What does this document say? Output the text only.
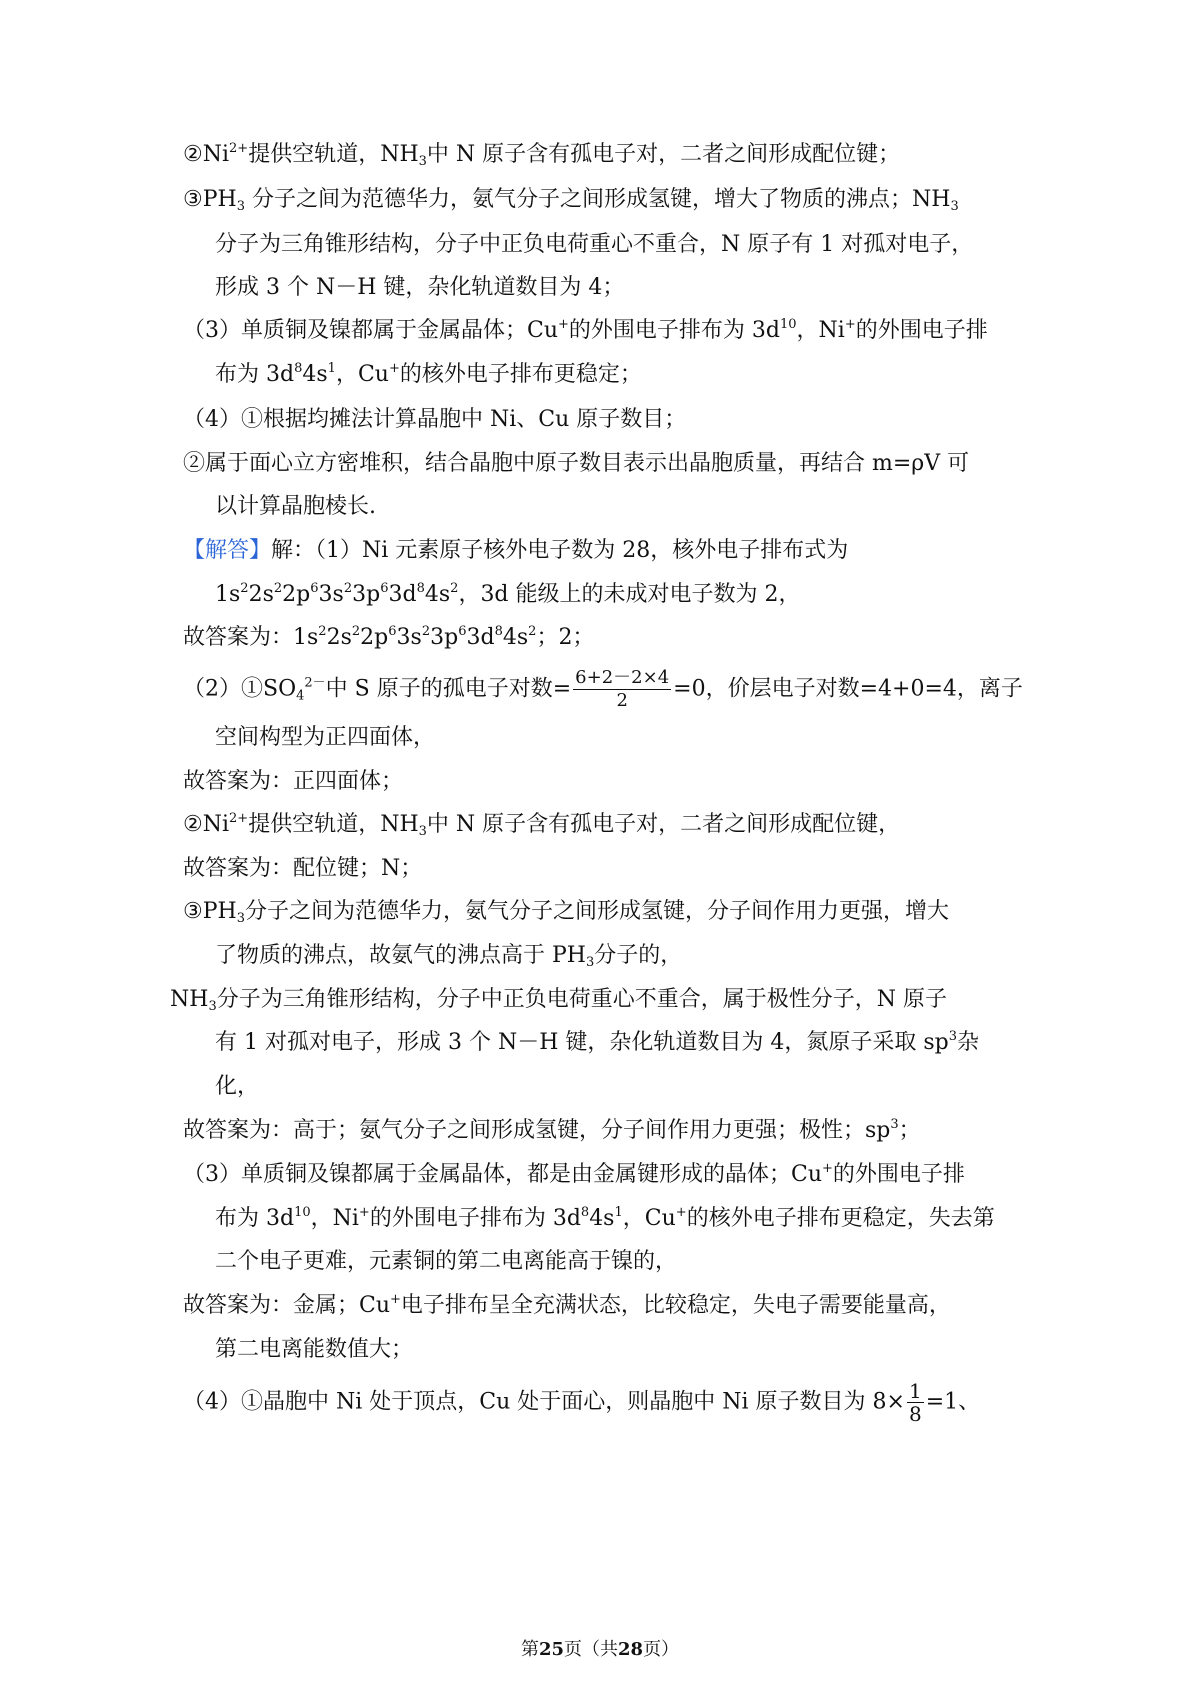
$②Ni^{2+}$提供空轨道，$NH_3$中 N 原子含有孤电子对，二者之间形成配位键；
$③PH_3$ 分子之间为范德华力，氨气分子之间形成氢键，增大了物质的沸点；$NH_3$
分子为三角锥形结构，分子中正负电荷重心不重合，N 原子有 1 对孤对电子，
形成 3 个 N－H 键，杂化轨道数目为 4；
（3）单质铜及镍都属于金属晶体；Cu+的外围电子排布为 $3d^{10}$，Ni+的外围电子排
布为 $3d^84s^1$，Cu+的核外电子排布更稳定；
（4）①根据均摊法计算晶胞中 Ni、Cu 原子数目；
②属于面心立方密堆积，结合晶胞中原子数目表示出晶胞质量，再结合 m=ρV 可
以计算晶胞棱长.
【解答】解：（1）Ni 元素原子核外电子数为 28，核外电子排布式为
$1s^22s^22p^63s^23p^63d^84s^2$，3d 能级上的未成对电子数为 2，
故答案为：$1s^22s^22p^63s^23p^63d^84s^2$；2；
$(2)①SO_4^{2-}$中 S 原子的孤电子对数= $\frac{6+2-2\times 4}{2} =0$，价层电子对数=4+0=4，离子
空间构型为正四面体，
故答案为：正四面体；
$②Ni^{2+}$提供空轨道，$NH_3$中 N 原子含有孤电子对，二者之间形成配位键，
故答案为：配位键；N；
$③PH_3$分子之间为范德华力，氨气分子之间形成氢键，分子间作用力更强，增大
了物质的沸点，故氨气的沸点高于 $PH_3$分子的，
$NH_3$分子为三角锥形结构，分子中正负电荷重心不重合，属于极性分子，N 原子
有 1 对孤对电子，形成 3 个 N－H 键，杂化轨道数目为 4，氮原子采取 $sp^3$杂
化，
故答案为：高于；氨气分子之间形成氢键，分子间作用力更强；极性；$sp^3$；
（3）单质铜及镍都属于金属晶体，都是由金属键形成的晶体；Cu+的外围电子排
布为 $3d^{10}$，Ni+的外围电子排布为 $3d^84s^1$，Cu+的核外电子排布更稳定，失去第
二个电子更难，元素铜的第二电离能高于镍的，
故答案为：金属；Cu+电子排布呈全充满状态，比较稳定，失电子需要能量高，
第二电离能数值大；
（4）①晶胞中 Ni 处于顶点，Cu 处于面心，则晶胞中 Ni 原子数目为 $8\times \frac{1}{8} =1$、
第25页（共28页）
